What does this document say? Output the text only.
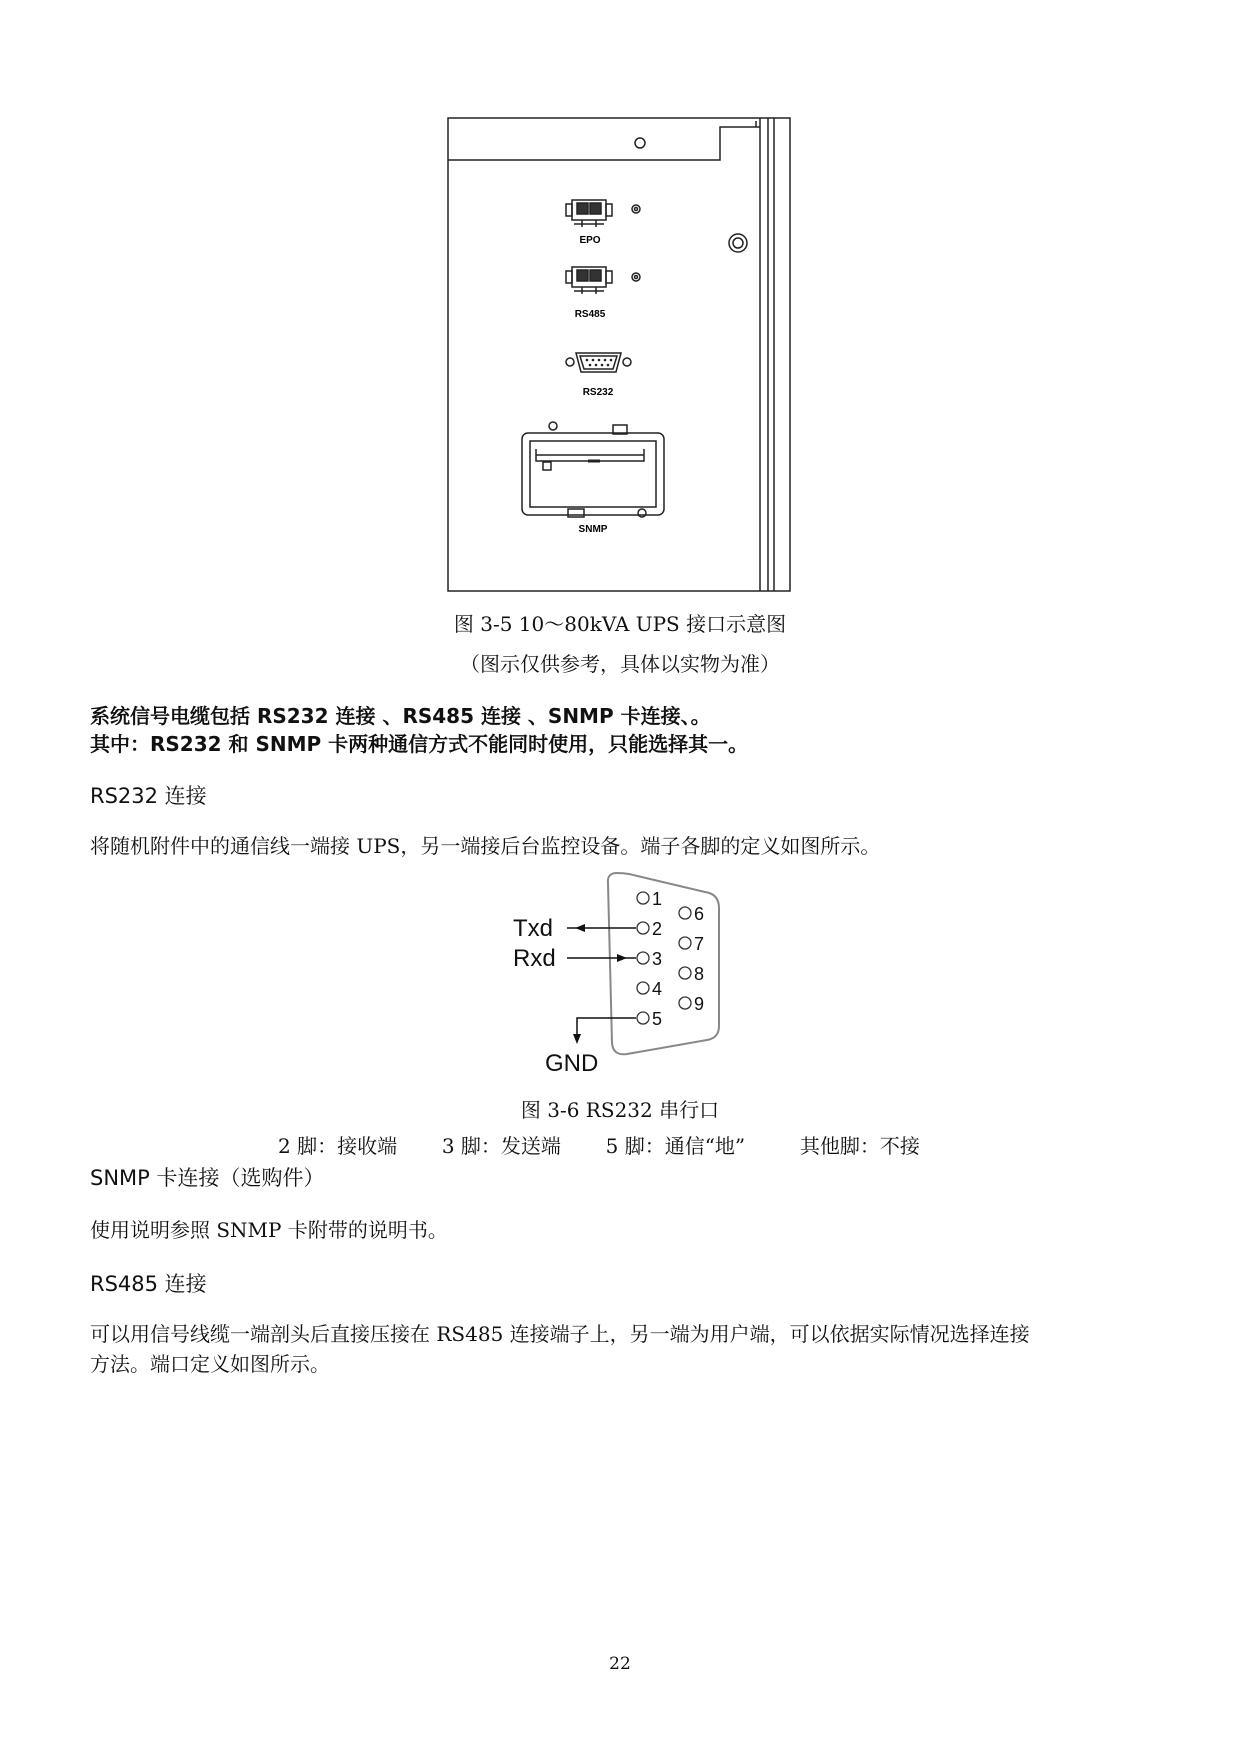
EPO
RS485
RS232
SNMP
图 3-5 10～80kVA UPS 接口示意图
（图示仅供参考，具体以实物为准）
系统信号电缆包括 RS232 连接 、RS485 连接 、SNMP 卡连接、。
其中：RS232 和 SNMP 卡两种通信方式不能同时使用，只能选择其一。
RS232 连接
将随机附件中的通信线一端接 UPS，另一端接后台监控设备。端子各脚的定义如图所示。
1
2
3
4
5
6
7
8
9
Txd
Rxd
GND
图 3-6 RS232 串行口
2 脚：接收端 3 脚：发送端 5 脚：通信“地”	其他脚：不接
SNMP 卡连接（选购件）
使用说明参照 SNMP 卡附带的说明书。
RS485 连接
可以用信号线缆一端剖头后直接压接在 RS485 连接端子上，另一端为用户端，可以依据实际情况选择连接
方法。端口定义如图所示。
22
